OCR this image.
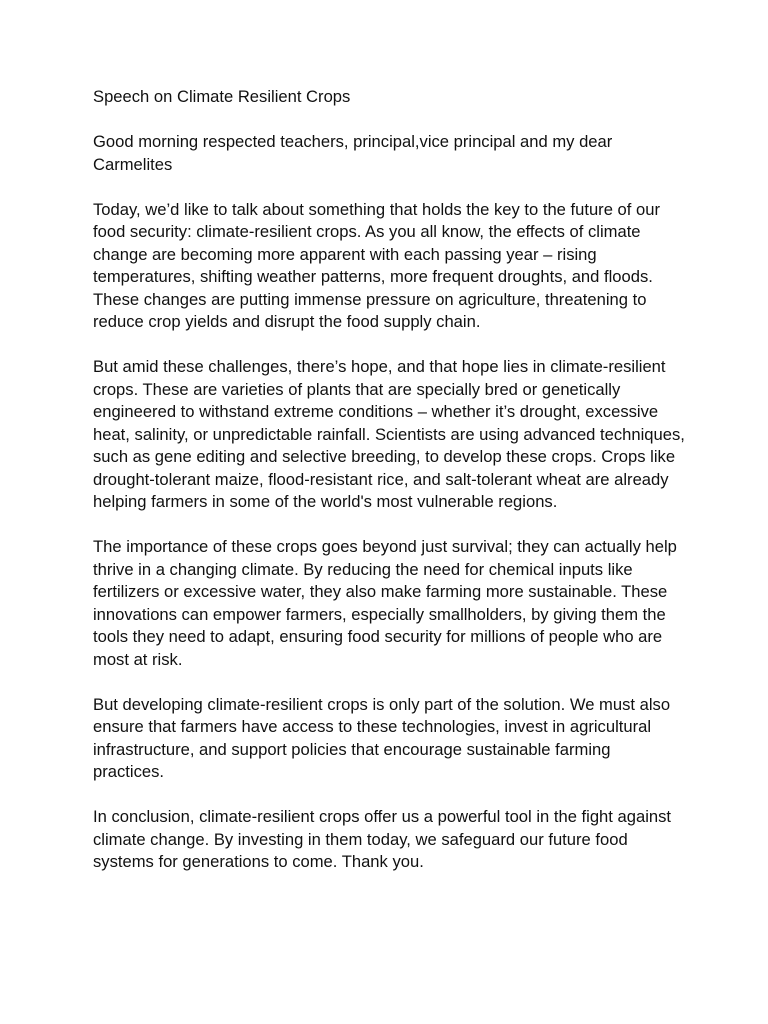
Speech on Climate Resilient Crops

Good morning respected teachers, principal,vice principal and my dear Carmelites

Today, we’d like to talk about something that holds the key to the future of our food security: climate-resilient crops. As you all know, the effects of climate change are becoming more apparent with each passing year – rising temperatures, shifting weather patterns, more frequent droughts, and floods. These changes are putting immense pressure on agriculture, threatening to reduce crop yields and disrupt the food supply chain.

But amid these challenges, there’s hope, and that hope lies in climate-resilient crops. These are varieties of plants that are specially bred or genetically engineered to withstand extreme conditions – whether it’s drought, excessive heat, salinity, or unpredictable rainfall. Scientists are using advanced techniques, such as gene editing and selective breeding, to develop these crops. Crops like drought-tolerant maize, flood-resistant rice, and salt-tolerant wheat are already helping farmers in some of the world's most vulnerable regions.

The importance of these crops goes beyond just survival; they can actually help thrive in a changing climate. By reducing the need for chemical inputs like fertilizers or excessive water, they also make farming more sustainable. These innovations can empower farmers, especially smallholders, by giving them the tools they need to adapt, ensuring food security for millions of people who are most at risk.

But developing climate-resilient crops is only part of the solution. We must also ensure that farmers have access to these technologies, invest in agricultural infrastructure, and support policies that encourage sustainable farming practices.

In conclusion, climate-resilient crops offer us a powerful tool in the fight against climate change. By investing in them today, we safeguard our future food systems for generations to come. Thank you.
